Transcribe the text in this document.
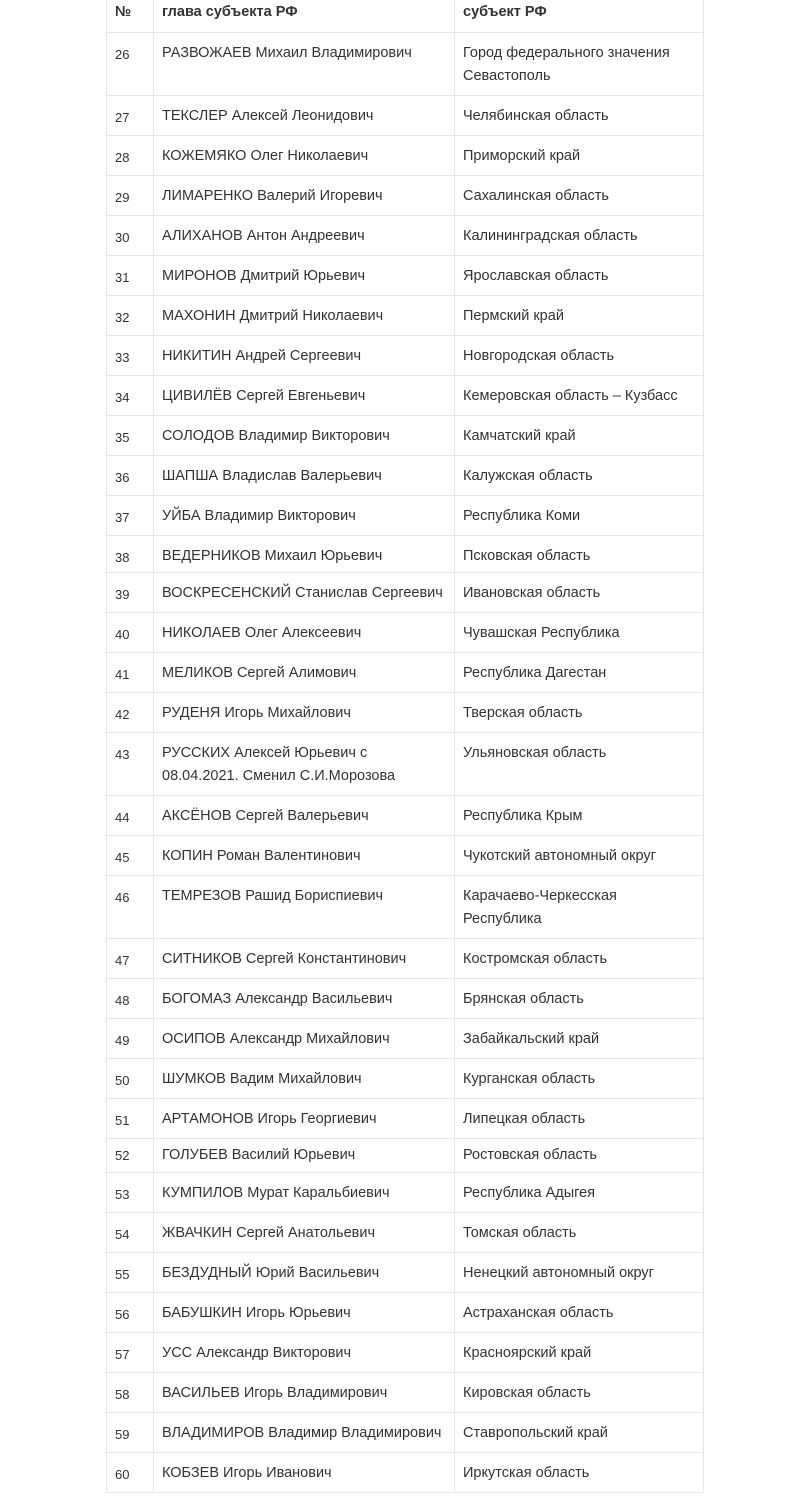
№	глава субъекта РФ	субъект РФ
26	РАЗВОЖАЕВ Михаил Владимирович	Город федерального значения Севастополь
27	ТЕКСЛЕР Алексей Леонидович	Челябинская область
28	КОЖЕМЯКО Олег Николаевич	Приморский край
29	ЛИМАРЕНКО Валерий Игоревич	Сахалинская область
30	АЛИХАНОВ Антон Андреевич	Калининградская область
31	МИРОНОВ Дмитрий Юрьевич	Ярославская область
32	МАХОНИН Дмитрий Николаевич	Пермский край
33	НИКИТИН Андрей Сергеевич	Новгородская область
34	ЦИВИЛЁВ Сергей Евгеньевич	Кемеровская область – Кузбасс
35	СОЛОДОВ Владимир Викторович	Камчатский край
36	ШАПША Владислав Валерьевич	Калужская область
37	УЙБА Владимир Викторович	Республика Коми
38	ВЕДЕРНИКОВ Михаил Юрьевич	Псковская область
39	ВОСКРЕСЕНСКИЙ Станислав Сергеевич	Ивановская область
40	НИКОЛАЕВ Олег Алексеевич	Чувашская Республика
41	МЕЛИКОВ Сергей Алимович	Республика Дагестан
42	РУДЕНЯ Игорь Михайлович	Тверская область
43	РУССКИХ Алексей Юрьевич с 08.04.2021. Сменил С.И.Морозова	Ульяновская область
44	АКСЁНОВ Сергей Валерьевич	Республика Крым
45	КОПИН Роман Валентинович	Чукотский автономный округ
46	ТЕМРЕЗОВ Рашид Бориспиевич	Карачаево-Черкесская Республика
47	СИТНИКОВ Сергей Константинович	Костромская область
48	БОГОМАЗ Александр Васильевич	Брянская область
49	ОСИПОВ Александр Михайлович	Забайкальский край
50	ШУМКОВ Вадим Михайлович	Курганская область
51	АРТАМОНОВ Игорь Георгиевич	Липецкая область
52	ГОЛУБЕВ Василий Юрьевич	Ростовская область
53	КУМПИЛОВ Мурат Каральбиевич	Республика Адыгея
54	ЖВАЧКИН Сергей Анатольевич	Томская область
55	БЕЗДУДНЫЙ Юрий Васильевич	Ненецкий автономный округ
56	БАБУШКИН Игорь Юрьевич	Астраханская область
57	УСС Александр Викторович	Красноярский край
58	ВАСИЛЬЕВ Игорь Владимирович	Кировская область
59	ВЛАДИМИРОВ Владимир Владимирович	Ставропольский край
60	КОБЗЕВ Игорь Иванович	Иркутская область
